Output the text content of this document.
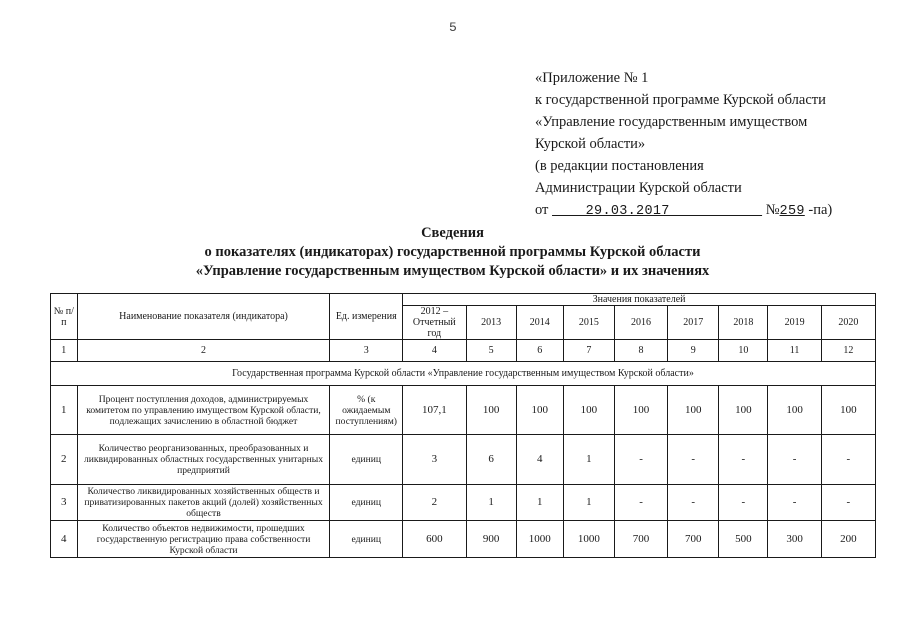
5
«Приложение № 1
к государственной программе Курской области
«Управление государственным имуществом
Курской области»
(в редакции постановления
Администрации Курской области
от     29.03.2017            №259 -па)
Сведения
о показателях (индикаторах) государственной программы Курской области
«Управление государственным имуществом Курской области» и их значениях
№ п/п	Наименование показателя (индикатора)	Ед. измерения	Значения показателей								
			2012 – Отчетный год	2013	2014	2015	2016	2017	2018	2019	2020
1	2	3	4	5	6	7	8	9	10	11	12
Государственная программа Курской области «Управление государственным имуществом Курской области»											
1	Процент поступления доходов, администрируемых комитетом по управлению имуществом Курской области, подлежащих зачислению в областной бюджет	% (к ожидаемым поступлениям)	107,1	100	100	100	100	100	100	100	100
2	Количество реорганизованных, преобразованных и ликвидированных областных государственных унитарных предприятий	единиц	3	6	4	1	-	-	-	-	-
3	Количество ликвидированных хозяйственных обществ и приватизированных пакетов акций (долей) хозяйственных обществ	единиц	2	1	1	1	-	-	-	-	-
4	Количество объектов недвижимости, прошедших государственную регистрацию права собственности Курской области	единиц	600	900	1000	1000	700	700	500	300	200
